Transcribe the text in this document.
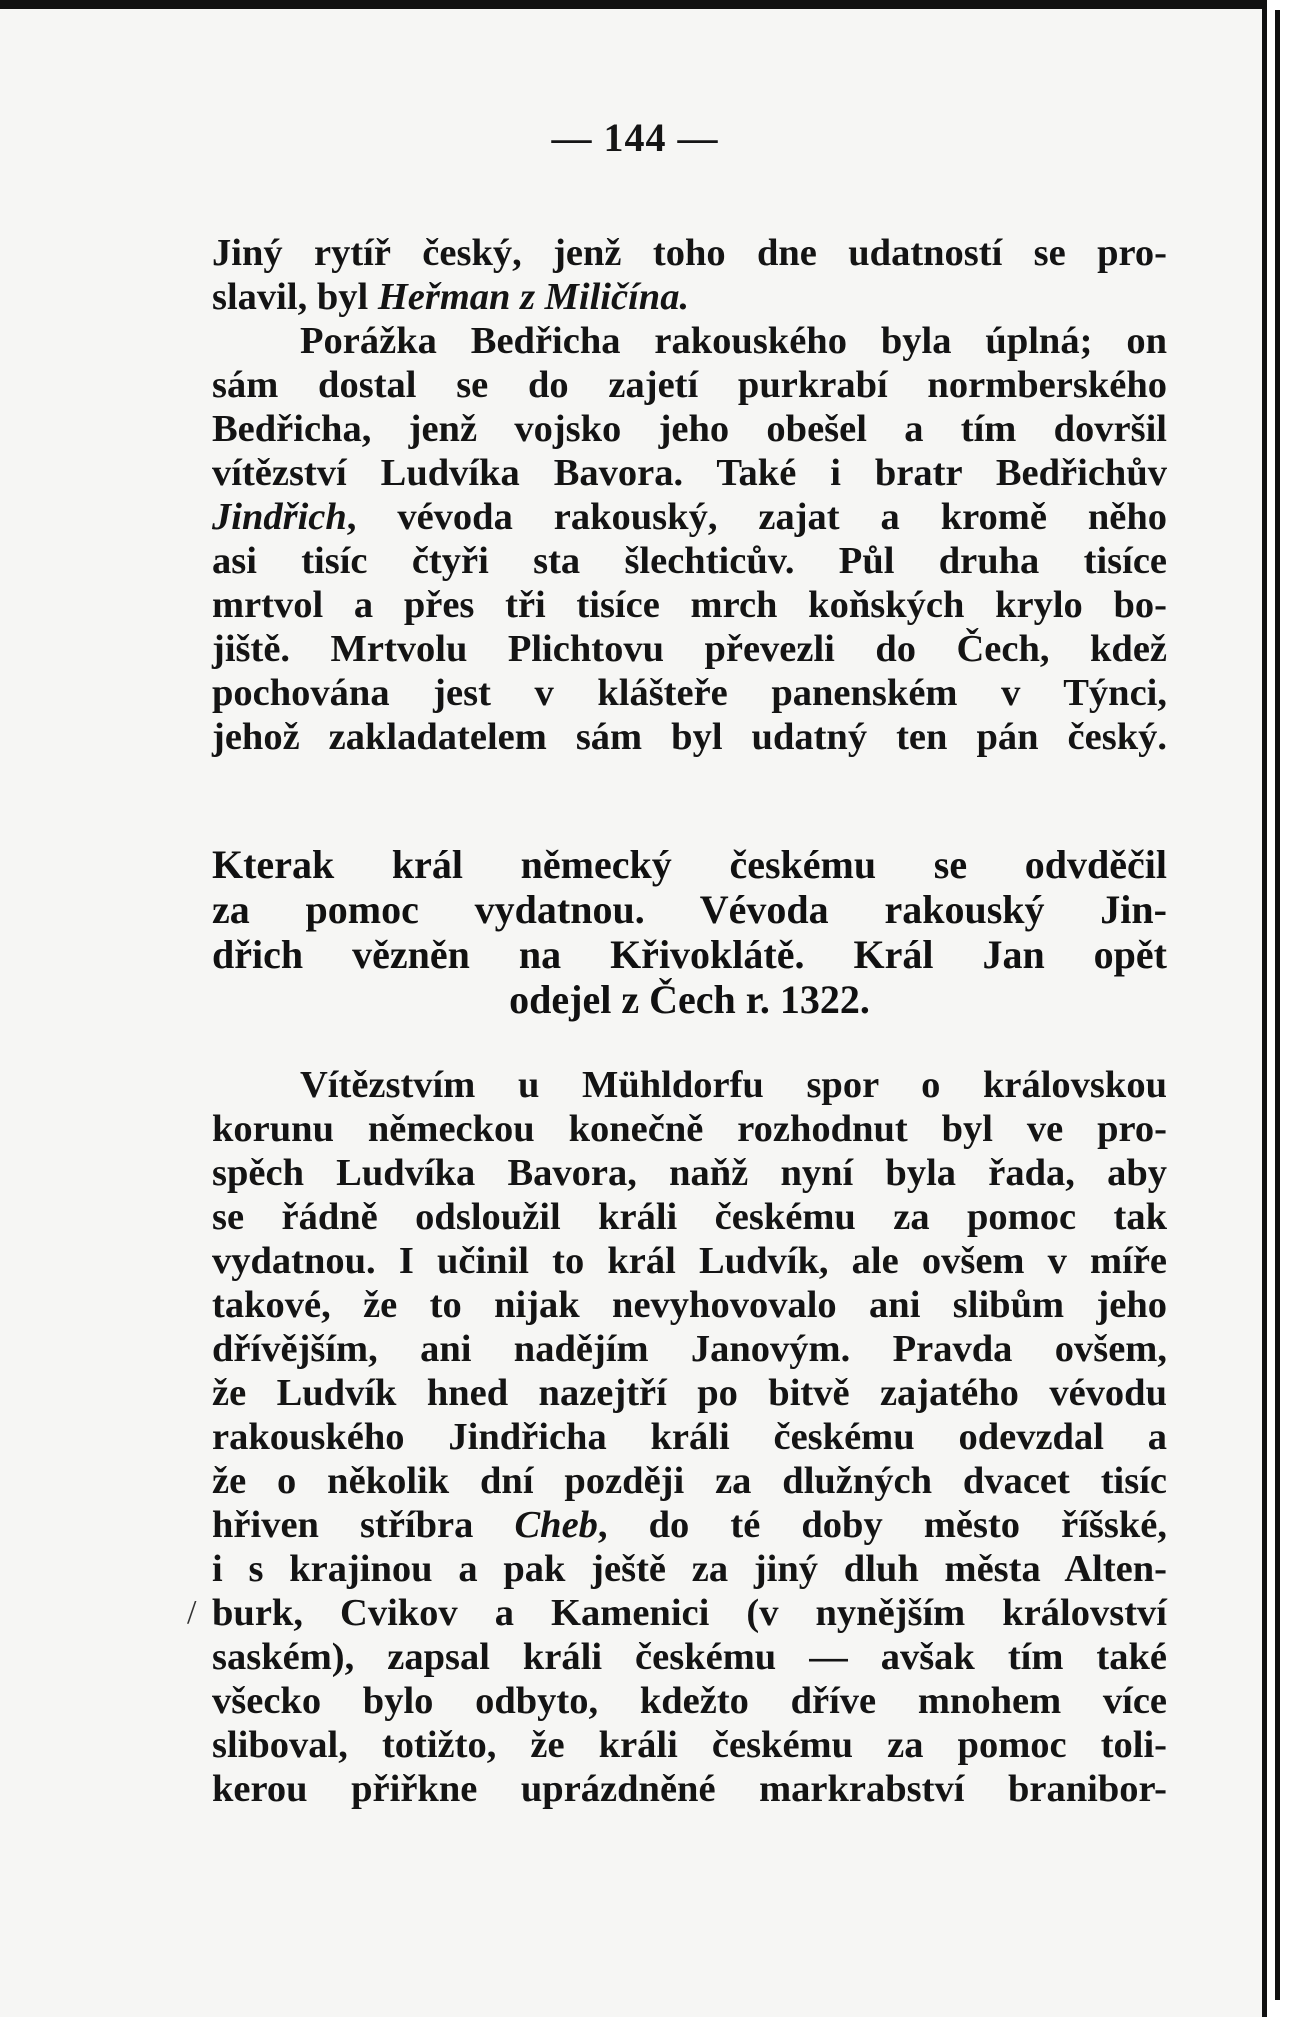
— 144 —
Jiný rytíř český, jenž toho dne udatností se pro-
slavil, byl Heřman z Miličína.
Porážka Bedřicha rakouského byla úplná; on
sám dostal se do zajetí purkrabí normberského
Bedřicha, jenž vojsko jeho obešel a tím dovršil
vítězství Ludvíka Bavora. Také i bratr Bedřichův
Jindřich, vévoda rakouský, zajat a kromě něho
asi tisíc čtyři sta šlechticův. Půl druha tisíce
mrtvol a přes tři tisíce mrch koňských krylo bo-
jiště. Mrtvolu Plichtovu převezli do Čech, kdež
pochována jest v klášteře panenském v Týnci,
jehož zakladatelem sám byl udatný ten pán český.
Kterak král německý českému se odvděčil
za pomoc vydatnou. Vévoda rakouský Jin-
dřich vězněn na Křivoklátě. Král Jan opět
odejel z Čech r. 1322.
Vítězstvím u Mühldorfu spor o královskou
korunu německou konečně rozhodnut byl ve pro-
spěch Ludvíka Bavora, naňž nyní byla řada, aby
se řádně odsloužil králi českému za pomoc tak
vydatnou. I učinil to král Ludvík, ale ovšem v míře
takové, že to nijak nevyhovovalo ani slibům jeho
dřívějším, ani nadějím Janovým. Pravda ovšem,
že Ludvík hned nazejtří po bitvě zajatého vévodu
rakouského Jindřicha králi českému odevzdal a
že o několik dní později za dlužných dvacet tisíc
hřiven stříbra Cheb, do té doby město říšské,
i s krajinou a pak ještě za jiný dluh města Alten-
burk, Cvikov a Kamenici (v nynějším království
saském), zapsal králi českému — avšak tím také
všecko bylo odbyto, kdežto dříve mnohem více
sliboval, totižto, že králi českému za pomoc toli-
kerou přiřkne uprázdněné markrabství branibor-
/
